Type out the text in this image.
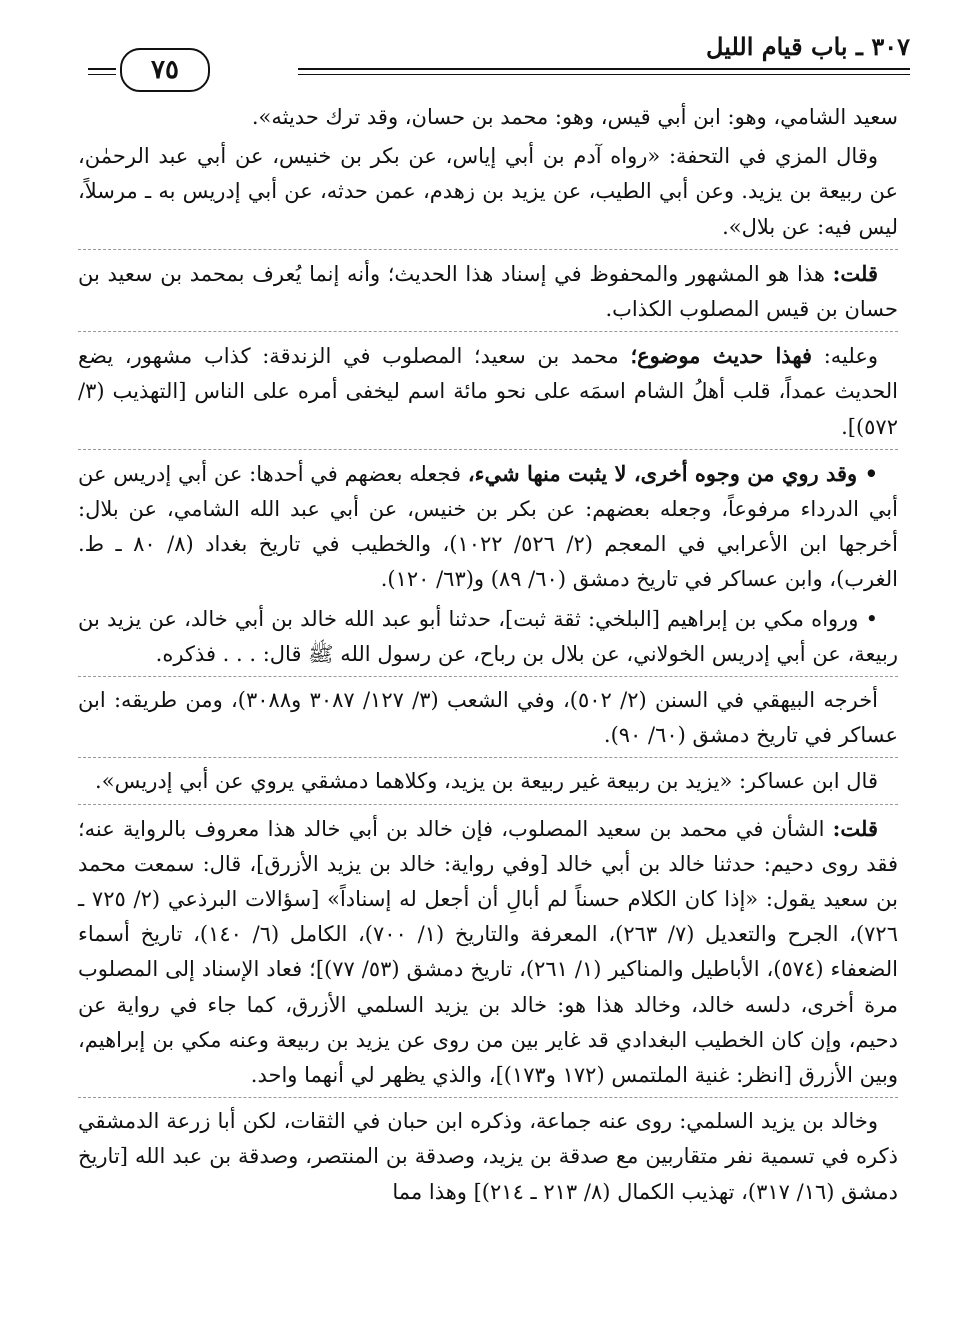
٣٠٧ ـ باب قيام الليل
٧٥

سعيد الشامي، وهو: ابن أبي قيس، وهو: محمد بن حسان، وقد ترك حديثه».

وقال المزي في التحفة: «رواه آدم بن أبي إياس، عن بكر بن خنيس، عن أبي عبد الرحمٰن، عن ربيعة بن يزيد. وعن أبي الطيب، عن يزيد بن زهدم، عمن حدثه، عن أبي إدريس به ـ مرسلاً، ليس فيه: عن بلال».

قلت: هذا هو المشهور والمحفوظ في إسناد هذا الحديث؛ وأنه إنما يُعرف بمحمد بن سعيد بن حسان بن قيس المصلوب الكذاب.

وعليه: فهذا حديث موضوع؛ محمد بن سعيد؛ المصلوب في الزندقة: كذاب مشهور، يضع الحديث عمداً، قلب أهلُ الشام اسمَه على نحو مائة اسم ليخفى أمره على الناس [التهذيب (٣/ ٥٧٢)].

• وقد روي من وجوه أخرى، لا يثبت منها شيء، فجعله بعضهم في أحدها: عن أبي إدريس عن أبي الدرداء مرفوعاً، وجعله بعضهم: عن بكر بن خنيس، عن أبي عبد الله الشامي، عن بلال: أخرجها ابن الأعرابي في المعجم (٢/ ٥٢٦/ ١٠٢٢)، والخطيب في تاريخ بغداد (٨/ ٨٠ ـ ط. الغرب)، وابن عساكر في تاريخ دمشق (٦٠/ ٨٩) و(٦٣/ ١٢٠).

• ورواه مكي بن إبراهيم [البلخي: ثقة ثبت]، حدثنا أبو عبد الله خالد بن أبي خالد، عن يزيد بن ربيعة، عن أبي إدريس الخولاني، عن بلال بن رباح، عن رسول الله ﷺ قال: . . . فذكره.

أخرجه البيهقي في السنن (٢/ ٥٠٢)، وفي الشعب (٣/ ١٢٧/ ٣٠٨٧ و٣٠٨٨)، ومن طريقه: ابن عساكر في تاريخ دمشق (٦٠/ ٩٠).

قال ابن عساكر: «يزيد بن ربيعة غير ربيعة بن يزيد، وكلاهما دمشقي يروي عن أبي إدريس».

قلت: الشأن في محمد بن سعيد المصلوب، فإن خالد بن أبي خالد هذا معروف بالرواية عنه؛ فقد روى دحيم: حدثنا خالد بن أبي خالد [وفي رواية: خالد بن يزيد الأزرق]، قال: سمعت محمد بن سعيد يقول: «إذا كان الكلام حسناً لم أبالِ أن أجعل له إسناداً» [سؤالات البرذعي (٢/ ٧٢٥ ـ ٧٢٦)، الجرح والتعديل (٧/ ٢٦٣)، المعرفة والتاريخ (١/ ٧٠٠)، الكامل (٦/ ١٤٠)، تاريخ أسماء الضعفاء (٥٧٤)، الأباطيل والمناكير (١/ ٢٦١)، تاريخ دمشق (٥٣/ ٧٧)]؛ فعاد الإسناد إلى المصلوب مرة أخرى، دلسه خالد، وخالد هذا هو: خالد بن يزيد السلمي الأزرق، كما جاء في رواية عن دحيم، وإن كان الخطيب البغدادي قد غاير بين من روى عن يزيد بن ربيعة وعنه مكي بن إبراهيم، وبين الأزرق [انظر: غنية الملتمس (١٧٢ و١٧٣)]، والذي يظهر لي أنهما واحد.

وخالد بن يزيد السلمي: روى عنه جماعة، وذكره ابن حبان في الثقات، لكن أبا زرعة الدمشقي ذكره في تسمية نفر متقاربين مع صدقة بن يزيد، وصدقة بن المنتصر، وصدقة بن عبد الله [تاريخ دمشق (١٦/ ٣١٧)، تهذيب الكمال (٨/ ٢١٣ ـ ٢١٤)] وهذا مما
